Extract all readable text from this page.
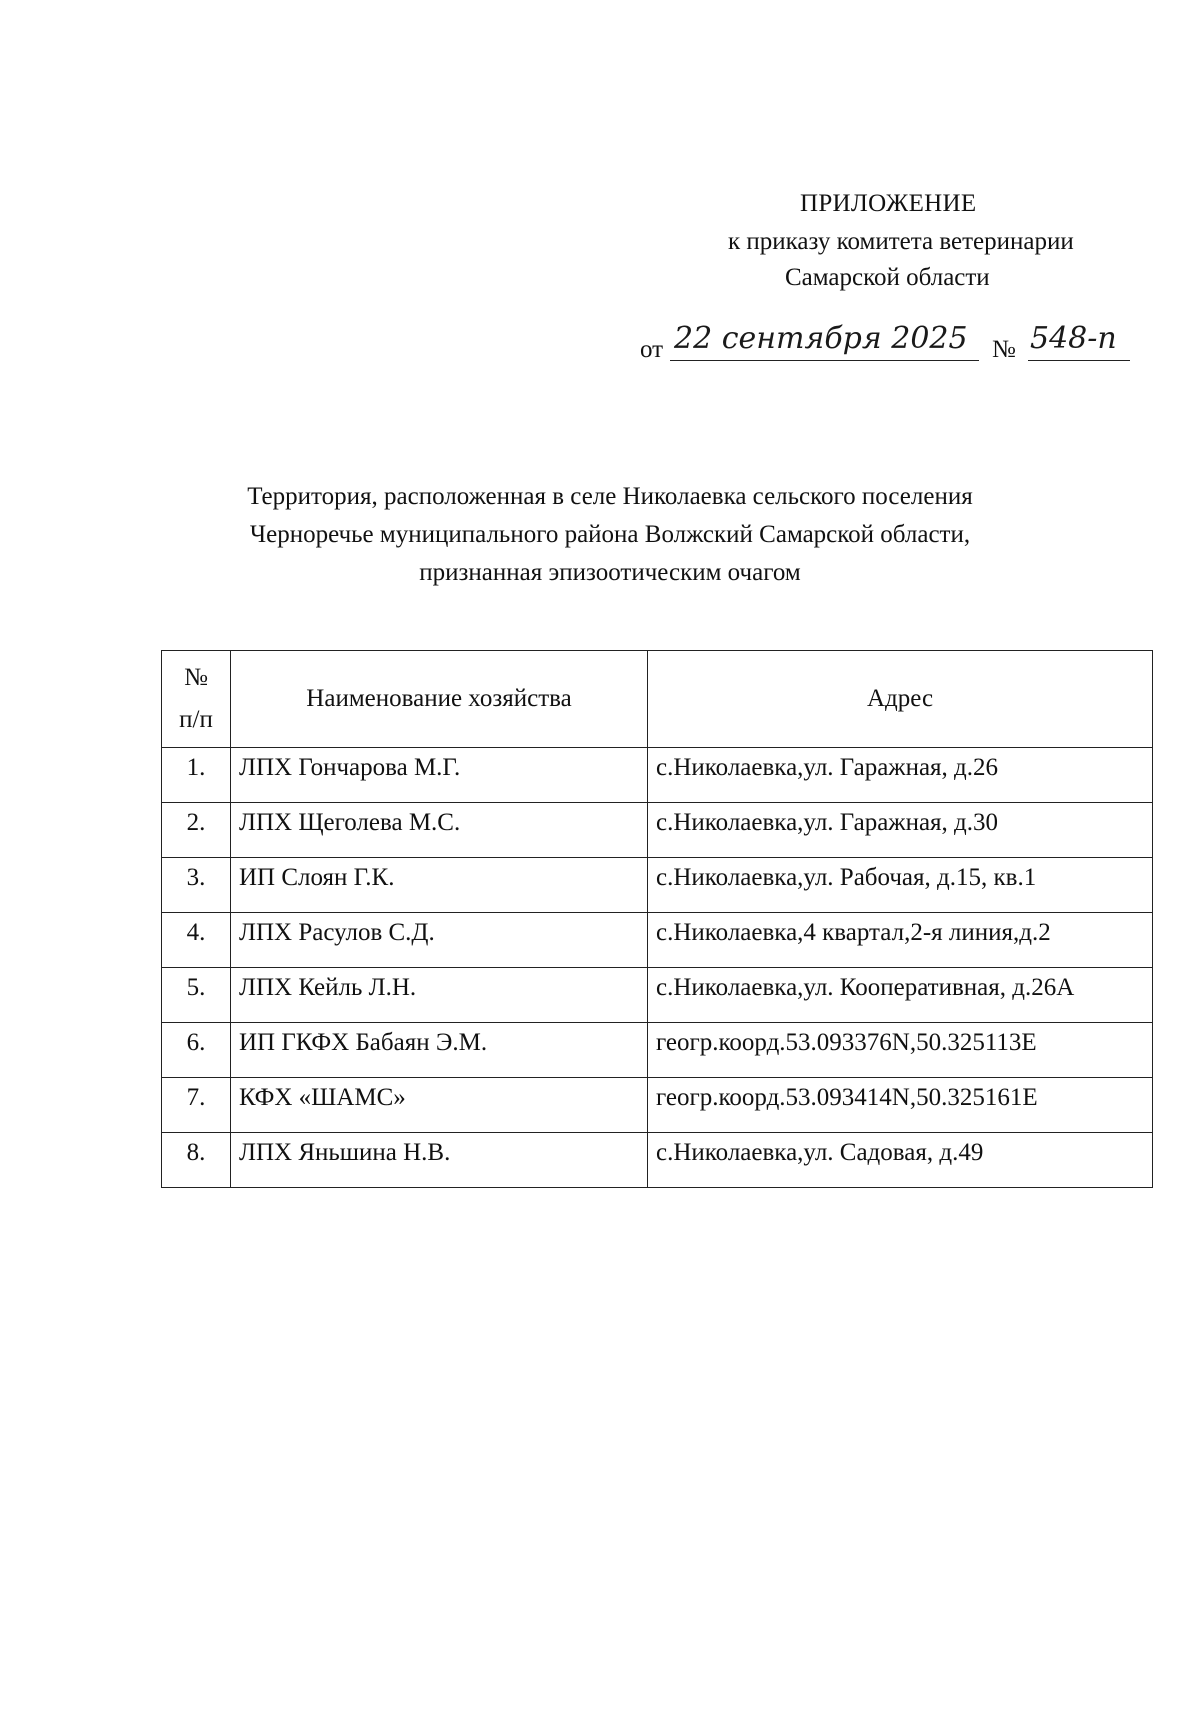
ПРИЛОЖЕНИЕ
к приказу комитета ветеринарии
Самарской области
от 22 сентября 2025 № 548-п
Территория, расположенная в селе Николаевка сельского поселения
Черноречье муниципального района Волжский Самарской области,
признанная эпизоотическим очагом
№
п/п	Наименование хозяйства	Адрес
1.	ЛПХ Гончарова М.Г.	с.Николаевка,ул. Гаражная, д.26
2.	ЛПХ Щеголева М.С.	с.Николаевка,ул. Гаражная, д.30
3.	ИП Слоян Г.К.	с.Николаевка,ул. Рабочая, д.15, кв.1
4.	ЛПХ Расулов С.Д.	с.Николаевка,4 квартал,2-я линия,д.2
5.	ЛПХ Кейль Л.Н.	с.Николаевка,ул. Кооперативная, д.26А
6.	ИП ГКФХ Бабаян Э.М.	геогр.коорд.53.093376N,50.325113E
7.	КФХ «ШАМС»	геогр.коорд.53.093414N,50.325161E
8.	ЛПХ Яньшина Н.В.	с.Николаевка,ул. Садовая, д.49
